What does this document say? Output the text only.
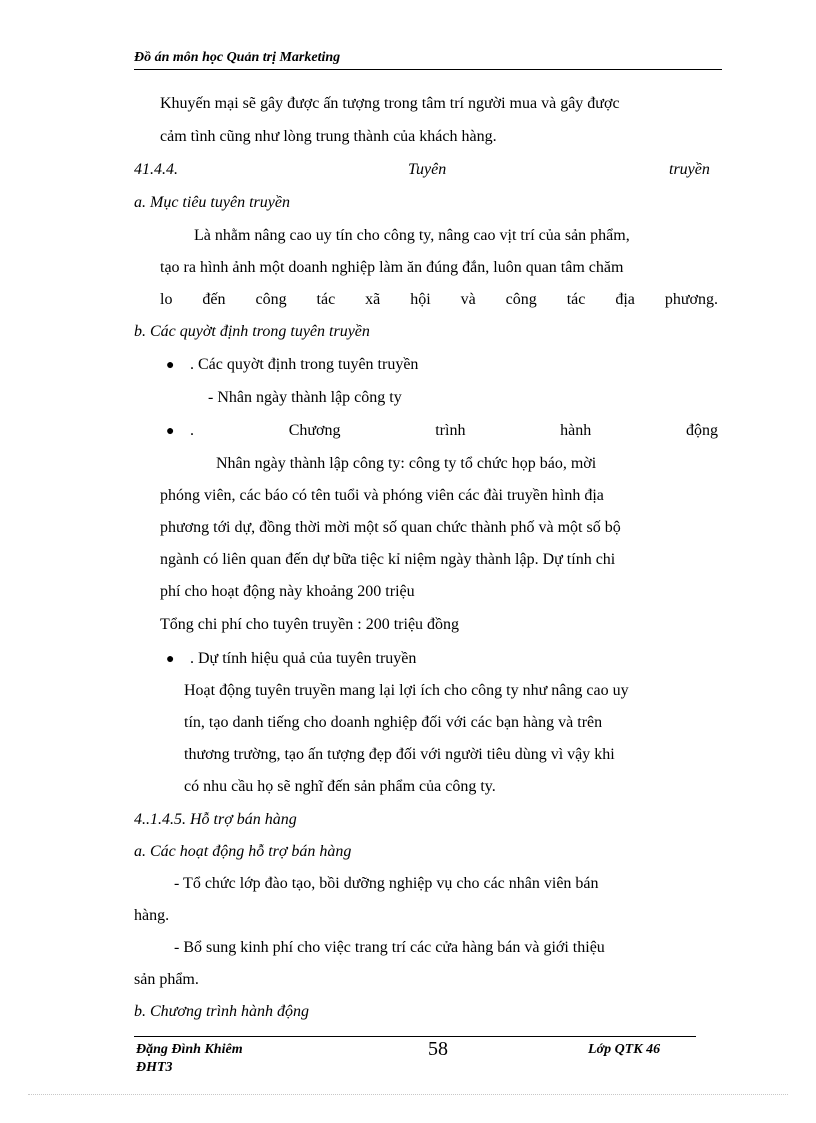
Đồ án môn học Quản trị Marketing
Khuyến mại sẽ gây được ấn tượng trong tâm trí người mua và gây được
cảm tình cũng như lòng trung thành của khách hàng.
41.4.4.	Tuyên	truyền
a. Mục tiêu tuyên truyền
Là nhằm nâng cao uy tín cho công ty, nâng cao vịt trí của sản phẩm,
tạo ra hình ảnh một doanh nghiệp làm ăn đúng đắn, luôn quan tâm chăm
lo đến công tác xã hội và công tác địa phương.
b. Các quyờt định trong tuyên truyền
● . Các quyờt định trong tuyên truyền
- Nhân ngày thành lập công ty
● .	Chương	trình	hành	động
Nhân ngày thành lập công ty: công ty tổ chức họp báo, mời
phóng viên, các báo có tên tuổi và phóng viên các đài truyền hình địa
phương tới dự, đồng thời mời một số quan chức thành phố và một số bộ
ngành có liên quan đến dự bữa tiệc kỉ niệm ngày thành lập. Dự tính chi
phí cho hoạt động này khoảng 200 triệu
Tổng chi phí cho tuyên truyền : 200 triệu đồng
● . Dự tính hiệu quả của tuyên truyền
Hoạt động tuyên truyền mang lại lợi ích cho công ty như nâng cao uy
tín, tạo danh tiếng cho doanh nghiệp đối với các bạn hàng và trên
thương trường, tạo ấn tượng đẹp đối với người tiêu dùng vì vậy khi
có nhu cầu họ sẽ nghĩ đến sản phẩm của công ty.
4..1.4.5. Hỗ trợ bán hàng
a. Các hoạt động hỗ trợ bán hàng
- Tổ chức lớp đào tạo, bồi dưỡng nghiệp vụ cho các nhân viên bán
hàng.
- Bổ sung kinh phí cho việc trang trí các cửa hàng bán và giới thiệu
sản phẩm.
b. Chương trình hành động
Đặng Đình Khiêm	58	Lớp QTK 46
ĐHT3
